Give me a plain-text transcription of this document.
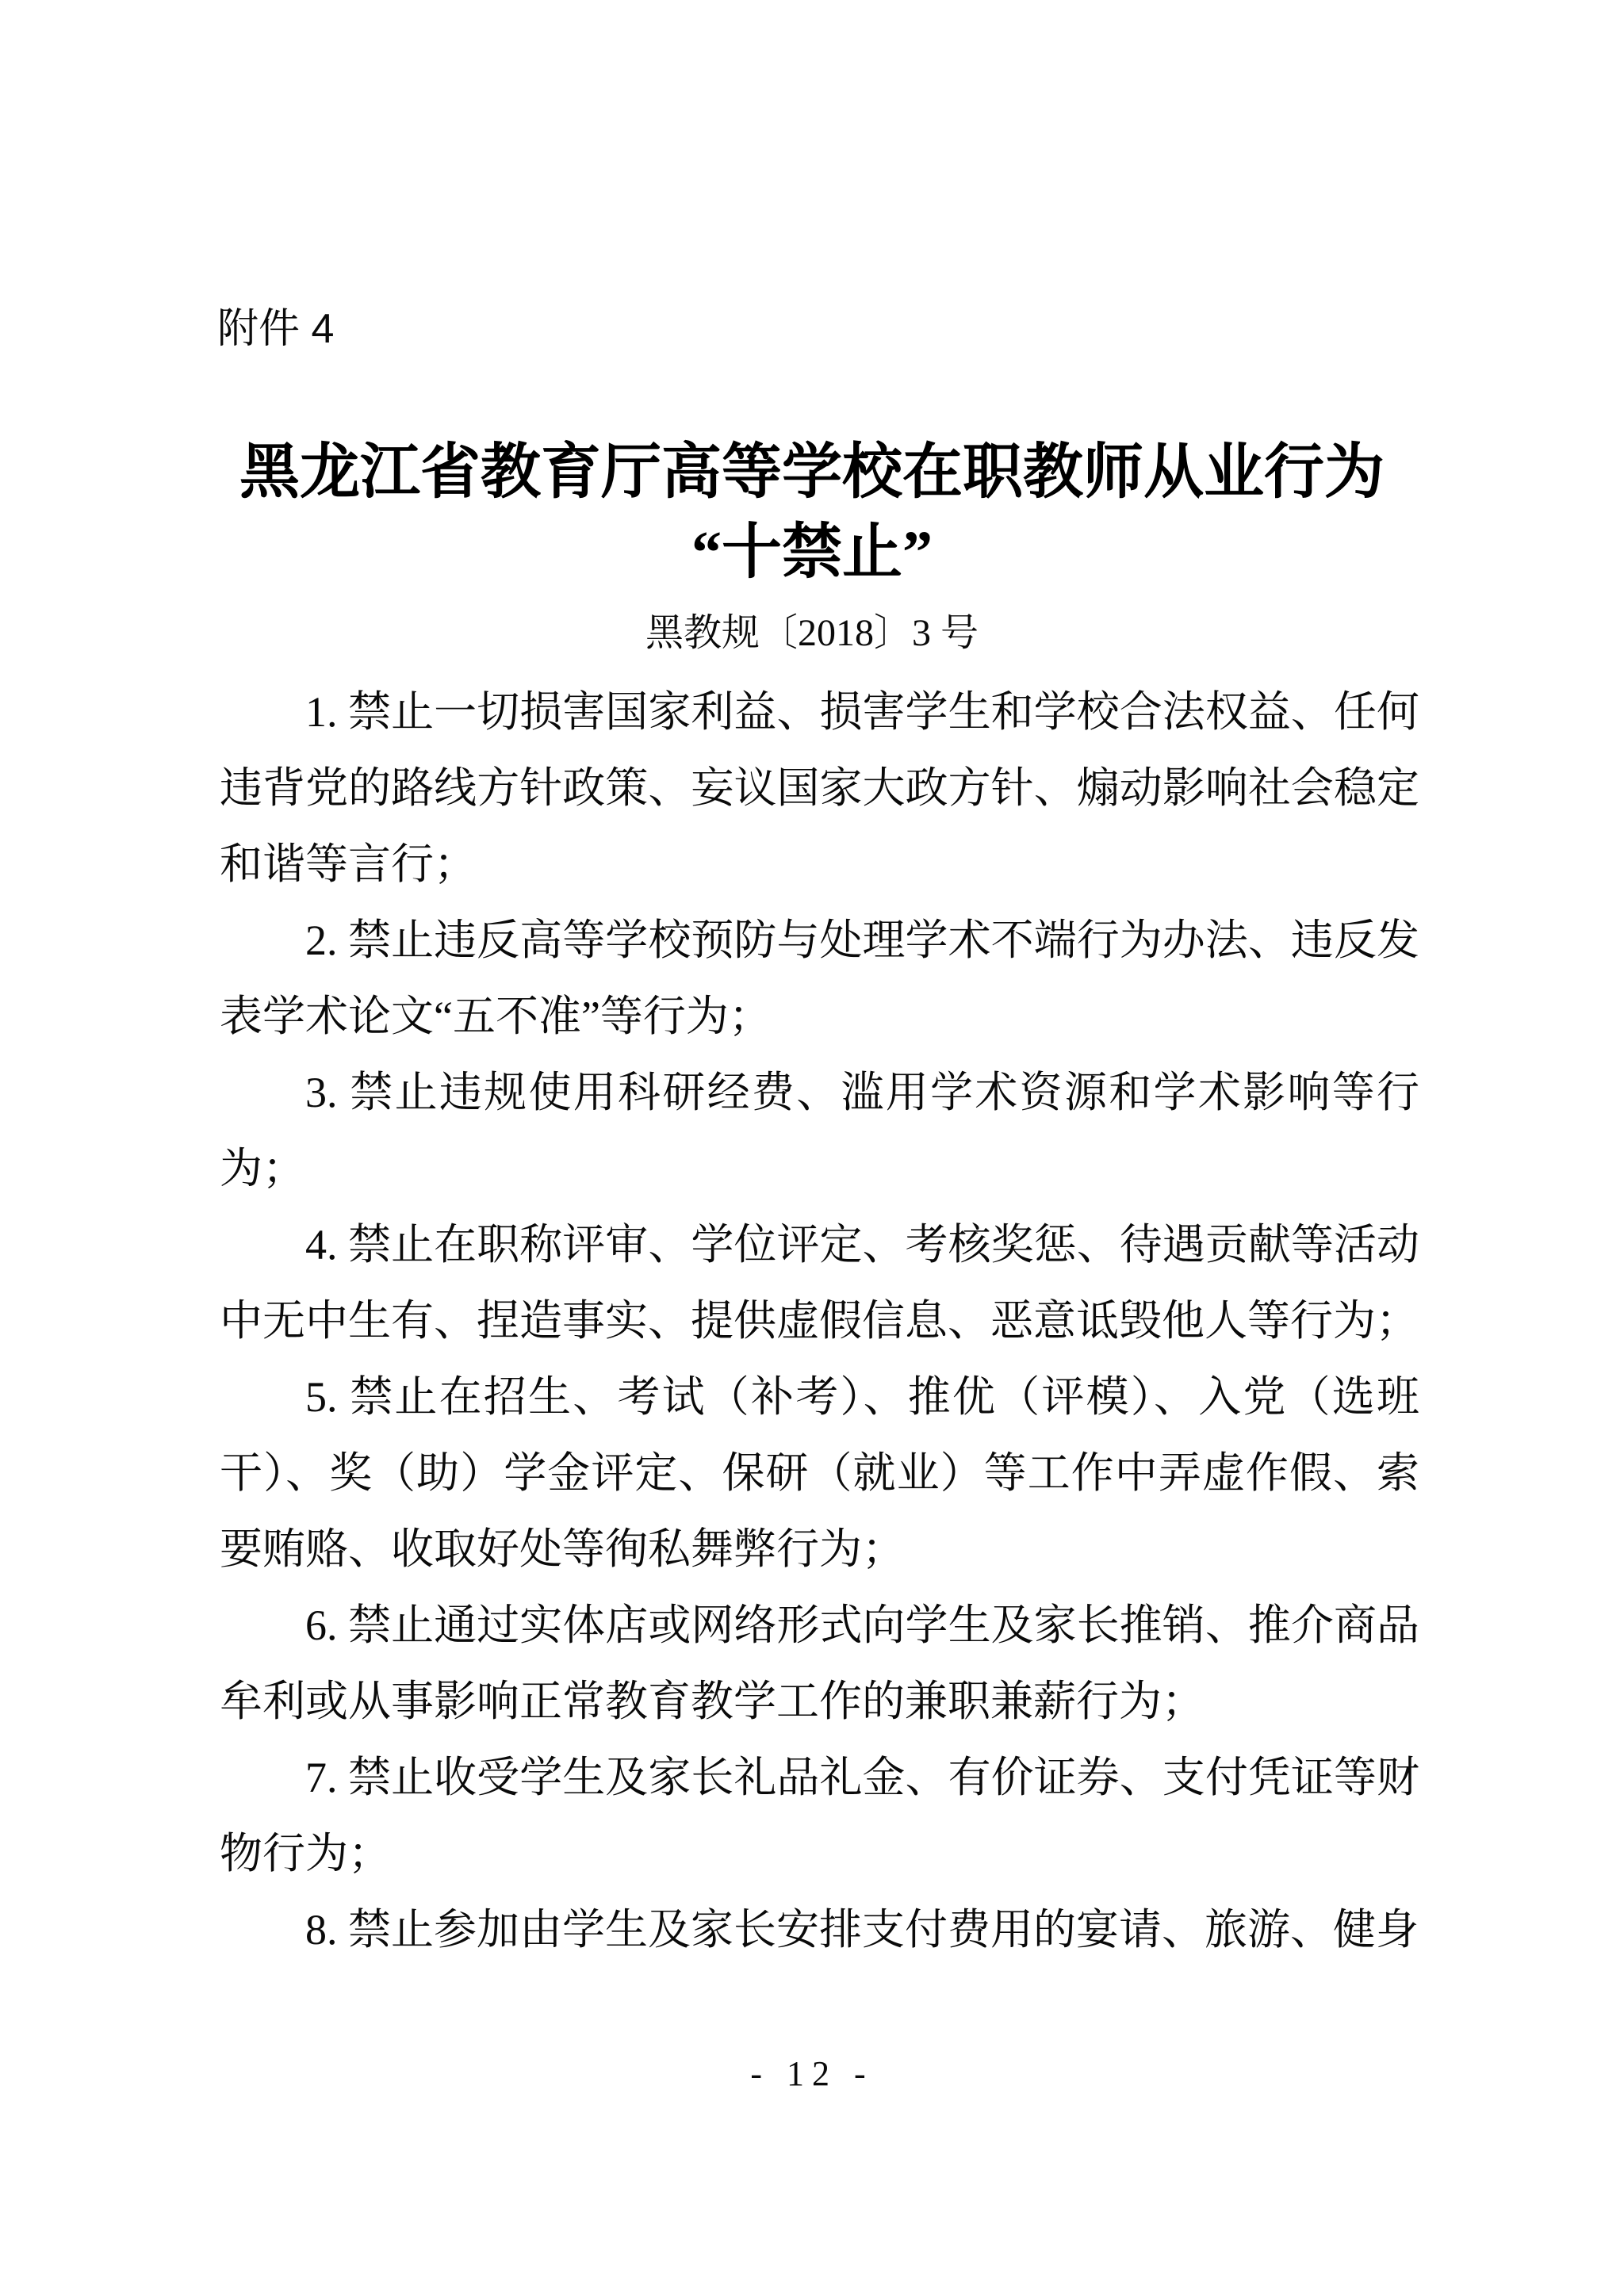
附件 4
黑龙江省教育厅高等学校在职教师从业行为
“十禁止”
黑教规〔2018〕3 号

1. 禁止一切损害国家利益、损害学生和学校合法权益、任何违背党的路线方针政策、妄议国家大政方针、煽动影响社会稳定和谐等言行；

2. 禁止违反高等学校预防与处理学术不端行为办法、违反发表学术论文“五不准”等行为；

3. 禁止违规使用科研经费、滥用学术资源和学术影响等行为；

4. 禁止在职称评审、学位评定、考核奖惩、待遇贡献等活动中无中生有、捏造事实、提供虚假信息、恶意诋毁他人等行为；

5. 禁止在招生、考试（补考）、推优（评模）、入党（选班干）、奖（助）学金评定、保研（就业）等工作中弄虚作假、索要贿赂、收取好处等徇私舞弊行为；

6. 禁止通过实体店或网络形式向学生及家长推销、推介商品牟利或从事影响正常教育教学工作的兼职兼薪行为；

7. 禁止收受学生及家长礼品礼金、有价证券、支付凭证等财物行为；

8. 禁止参加由学生及家长安排支付费用的宴请、旅游、健身

- 12 -
